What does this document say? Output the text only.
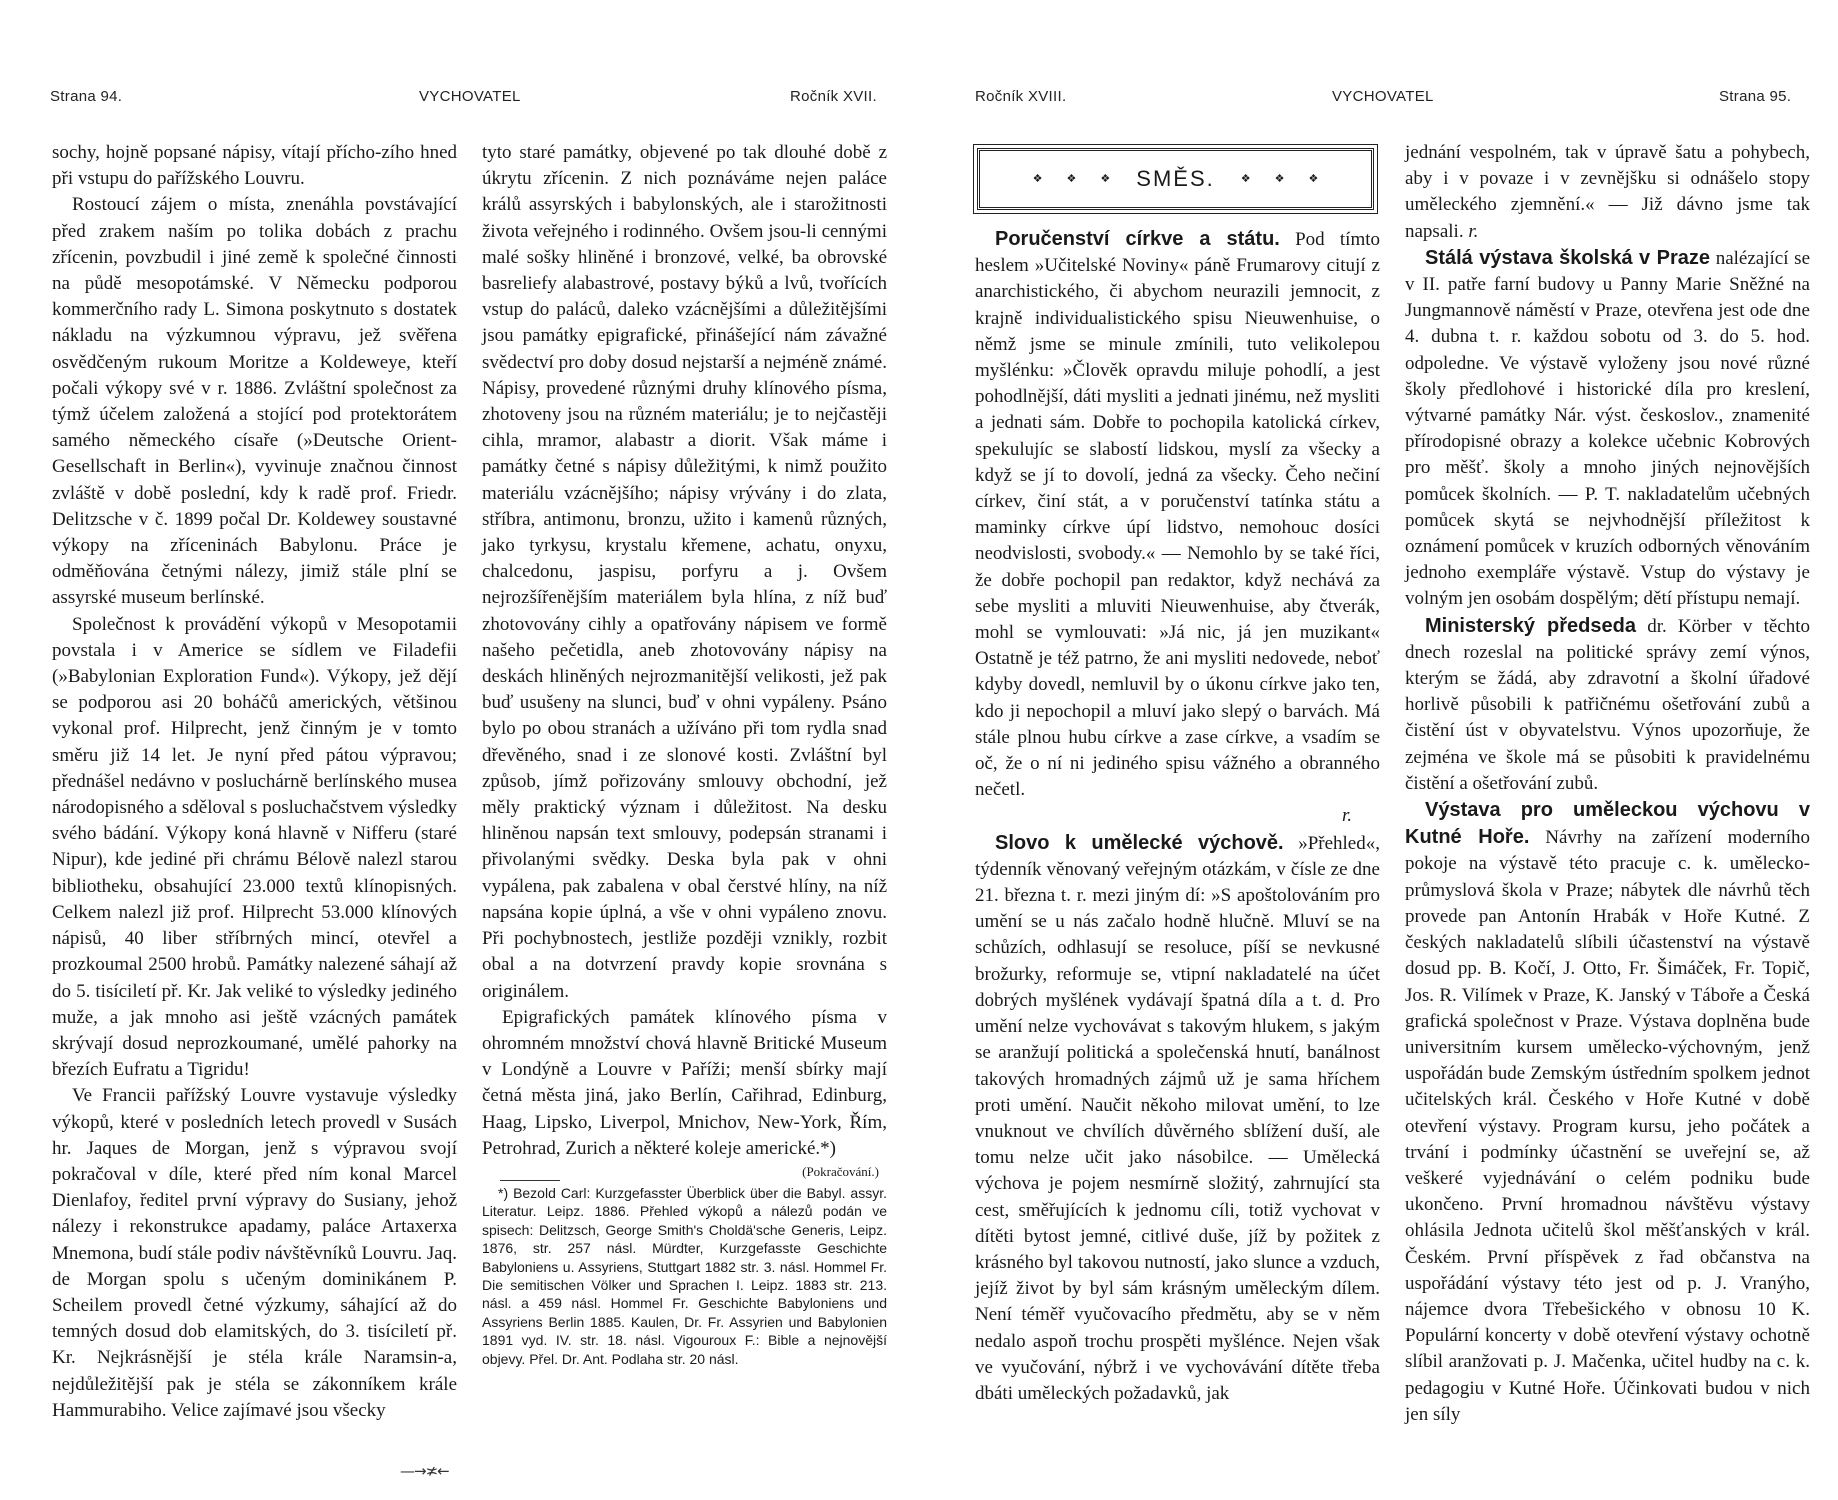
Strana 94.	VYCHOVATEL	Ročník XVII.

sochy, hojně popsané nápisy, vítají přícho-zího hned při vstupu do pařížského Louvru.

Rostoucí zájem o místa, znenáhla povstávající před zrakem naším po tolika dobách z prachu zřícenin, povzbudil i jiné země k společné činnosti na půdě mesopotámské. V Německu podporou kommerčního rady L. Simona poskytnuto s dostatek nákladu na výzkumnou výpravu, jež svěřena osvědčeným rukoum Moritze a Koldeweye, kteří počali výkopy své v r. 1886. Zvláštní společnost za týmž účelem založená a stojící pod protektorátem samého německého císaře (»Deutsche Orient-Gesellschaft in Berlin«), vyvinuje značnou činnost zvláště v době poslední, kdy k radě prof. Friedr. Delitzsche v č. 1899 počal Dr. Koldewey soustavné výkopy na zříceninách Babylonu. Práce je odměňována četnými nálezy, jimiž stále plní se assyrské museum berlínské.

Společnost k provádění výkopů v Mesopotamii povstala i v Americe se sídlem ve Filadefii (»Babylonian Exploration Fund«). Výkopy, jež dějí se podporou asi 20 boháčů amerických, většinou vykonal prof. Hilprecht, jenž činným je v tomto směru již 14 let. Je nyní před pátou výpravou; přednášel nedávno v posluchárně berlínského musea národopisného a sděloval s posluchačstvem výsledky svého bádání. Výkopy koná hlavně v Nifferu (staré Nipur), kde jediné při chrámu Bélově nalezl starou bibliotheku, obsahující 23.000 textů klínopisných. Celkem nalezl již prof. Hilprecht 53.000 klínových nápisů, 40 liber stříbrných mincí, otevřel a prozkoumal 2500 hrobů. Památky nalezené sáhají až do 5. tisíciletí př. Kr. Jak veliké to výsledky jediného muže, a jak mnoho asi ještě vzácných památek skrývají dosud neprozkoumané, umělé pahorky na březích Eufratu a Tigridu!

Ve Francii pařížský Louvre vystavuje výsledky výkopů, které v posledních letech provedl v Susách hr. Jaques de Morgan, jenž s výpravou svojí pokračoval v díle, které před ním konal Marcel Dienlafoy, ředitel první výpravy do Susiany, jehož nálezy i rekonstrukce apadamy, paláce Artaxerxa Mnemona, budí stále podiv návštěvníků Louvru. Jaq. de Morgan spolu s učeným dominikánem P. Scheilem provedl četné výzkumy, sáhající až do temných dosud dob elamitských, do 3. tisíciletí př. Kr. Nejkrásnější je stéla krále Naramsin-a, nejdůležitější pak je stéla se zákonníkem krále Hammurabiho. Velice zajímavé jsou všecky

tyto staré památky, objevené po tak dlouhé době z úkrytu zřícenin. Z nich poznáváme nejen paláce králů assyrských i babylonských, ale i starožitnosti života veřejného i rodinného. Ovšem jsou-li cennými malé sošky hliněné i bronzové, velké, ba obrovské basreliefy alabastrové, postavy býků a lvů, tvořících vstup do paláců, daleko vzácnějšími a důležitějšími jsou památky epigrafické, přinášející nám závažné svědectví pro doby dosud nejstarší a nejméně známé. Nápisy, provedené různými druhy klínového písma, zhotoveny jsou na různém materiálu; je to nejčastěji cihla, mramor, alabastr a diorit. Však máme i památky četné s nápisy důležitými, k nimž použito materiálu vzácnějšího; nápisy vrývány i do zlata, stříbra, antimonu, bronzu, užito i kamenů různých, jako tyrkysu, krystalu křemene, achatu, onyxu, chalcedonu, jaspisu, porfyru a j. Ovšem nejrozšířenějším materiálem byla hlína, z níž buď zhotovovány cihly a opatřovány nápisem ve formě našeho pečetidla, aneb zhotovovány nápisy na deskách hliněných nejrozmanitější velikosti, jež pak buď usušeny na slunci, buď v ohni vypáleny. Psáno bylo po obou stranách a užíváno při tom rydla snad dřevěného, snad i ze slonové kosti. Zvláštní byl způsob, jímž pořizovány smlouvy obchodní, jež měly praktický význam i důležitost. Na desku hliněnou napsán text smlouvy, podepsán stranami i přivolanými svědky. Deska byla pak v ohni vypálena, pak zabalena v obal čerstvé hlíny, na níž napsána kopie úplná, a vše v ohni vypáleno znovu. Při pochybnostech, jestliže později vznikly, rozbit obal a na dotvrzení pravdy kopie srovnána s originálem.

Epigrafických památek klínového písma v ohromném množství chová hlavně Britické Museum v Londýně a Louvre v Paříži; menší sbírky mají četná města jiná, jako Berlín, Cařihrad, Edinburg, Haag, Lipsko, Liverpol, Mnichov, New-York, Řím, Petrohrad, Zurich a některé koleje americké.*)

(Pokračování.)

*) Bezold Carl: Kurzgefasster Überblick über die Babyl. assyr. Literatur. Leipz. 1886. Přehled výkopů a nálezů podán ve spisech: Delitzsch, George Smith's Choldä'sche Generis, Leipz. 1876, str. 257 násl. Mürdter, Kurzgefasste Geschichte Babyloniens u. Assyriens, Stuttgart 1882 str. 3. násl. Hommel Fr. Die semitischen Völker und Sprachen I. Leipz. 1883 str. 213. násl. a 459 násl. Hommel Fr. Geschichte Babyloniens und Assyriens Berlin 1885. Kaulen, Dr. Fr. Assyrien und Babylonien 1891 vyd. IV. str. 18. násl. Vigouroux F.: Bible a nejnovější objevy. Přel. Dr. Ant. Podlaha str. 20 násl.

—→≭←
Ročník XVIII.	VYCHOVATEL	Strana 95.
❖ ❖ ❖ SMĚS. ❖ ❖ ❖

Poručenství církve a státu. Pod tímto heslem »Učitelské Noviny« páně Frumarovy citují z anarchistického, či abychom neurazili jemnocit, z krajně individualistického spisu Nieuwenhuise, o němž jsme se minule zmínili, tuto velikolepou myšlénku: »Člověk opravdu miluje pohodlí, a jest pohodlnější, dáti mysliti a jednati jinému, než mysliti a jednati sám. Dobře to pochopila katolická církev, spekulujíc se slabostí lidskou, myslí za všecky a když se jí to dovolí, jedná za všecky. Čeho nečiní církev, činí stát, a v poručenství tatínka státu a maminky církve úpí lidstvo, nemohouc dosíci neodvislosti, svobody.« — Nemohlo by se také říci, že dobře pochopil pan redaktor, když nechává za sebe mysliti a mluviti Nieuwenhuise, aby čtverák, mohl se vymlouvati: »Já nic, já jen muzikant« Ostatně je též patrno, že ani mysliti nedovede, neboť kdyby dovedl, nemluvil by o úkonu církve jako ten, kdo ji nepochopil a mluví jako slepý o barvách. Má stále plnou hubu církve a zase církve, a vsadím se oč, že o ní ni jediného spisu vážného a obranného nečetl.

r.

Slovo k umělecké výchově. »Přehled«, týdenník věnovaný veřejným otázkám, v čísle ze dne 21. března t. r. mezi jiným dí: »S apoštolováním pro umění se u nás začalo hodně hlučně. Mluví se na schůzích, odhlasují se resoluce, píší se nevkusné brožurky, reformuje se, vtipní nakladatelé na účet dobrých myšlének vydávají špatná díla a t. d. Pro umění nelze vychovávat s takovým hlukem, s jakým se aranžují politická a společenská hnutí, banálnost takových hromadných zájmů už je sama hříchem proti umění. Naučit někoho milovat umění, to lze vnuknout ve chvílích důvěrného sblížení duší, ale tomu nelze učit jako násobilce. — Umělecká výchova je pojem nesmírně složitý, zahrnující sta cest, směřujících k jednomu cíli, totiž vychovat v dítěti bytost jemné, citlivé duše, jíž by požitek z krásného byl takovou nutností, jako slunce a vzduch, jejíž život by byl sám krásným uměleckým dílem. Není téměř vyučovacího předmětu, aby se v něm nedalo aspoň trochu prospěti myšlénce. Nejen však ve vyučování, nýbrž i ve vychovávání dítěte třeba dbáti uměleckých požadavků, jak

jednání vespolném, tak v úpravě šatu a pohybech, aby i v povaze i v zevnějšku si odnášelo stopy uměleckého zjemnění.« — Již dávno jsme tak napsali. r.

Stálá výstava školská v Praze nalézající se v II. patře farní budovy u Panny Marie Sněžné na Jungmannově náměstí v Praze, otevřena jest ode dne 4. dubna t. r. každou sobotu od 3. do 5. hod. odpoledne. Ve výstavě vyloženy jsou nové různé školy předlohové i historické díla pro kreslení, výtvarné památky Nár. výst. českoslov., znamenité přírodopisné obrazy a kolekce učebnic Kobrových pro měšť. školy a mnoho jiných nejnovějších pomůcek školních. — P. T. nakladatelům učebných pomůcek skytá se nejvhodnější příležitost k oznámení pomůcek v kruzích odborných věnováním jednoho exempláře výstavě. Vstup do výstavy je volným jen osobám dospělým; dětí přístupu nemají.

Ministerský předseda dr. Körber v těchto dnech rozeslal na politické správy zemí výnos, kterým se žádá, aby zdravotní a školní úřadové horlivě působili k patřičnému ošetřování zubů a čistění úst v obyvatelstvu. Výnos upozorňuje, že zejména ve škole má se působiti k pravidelnému čistění a ošetřování zubů.

Výstava pro uměleckou výchovu v Kutné Hoře. Návrhy na zařízení moderního pokoje na výstavě této pracuje c. k. umělecko-průmyslová škola v Praze; nábytek dle návrhů těch provede pan Antonín Hrabák v Hoře Kutné. Z českých nakladatelů slíbili účastenství na výstavě dosud pp. B. Kočí, J. Otto, Fr. Šimáček, Fr. Topič, Jos. R. Vilímek v Praze, K. Janský v Táboře a Česká grafická společnost v Praze. Výstava doplněna bude universitním kursem umělecko-výchovným, jenž uspořádán bude Zemským ústředním spolkem jednot učitelských král. Českého v Hoře Kutné v době otevření výstavy. Program kursu, jeho počátek a trvání i podmínky účastnění se uveřejní se, až veškeré vyjednávání o celém podniku bude ukončeno. První hromadnou návštěvu výstavy ohlásila Jednota učitelů škol měšťanských v král. Českém. První příspěvek z řad občanstva na uspořádání výstavy této jest od p. J. Vranýho, nájemce dvora Třebešického v obnosu 10 K. Populární koncerty v době otevření výstavy ochotně slíbil aranžovati p. J. Mačenka, učitel hudby na c. k. pedagogiu v Kutné Hoře. Účinkovati budou v nich jen síly
